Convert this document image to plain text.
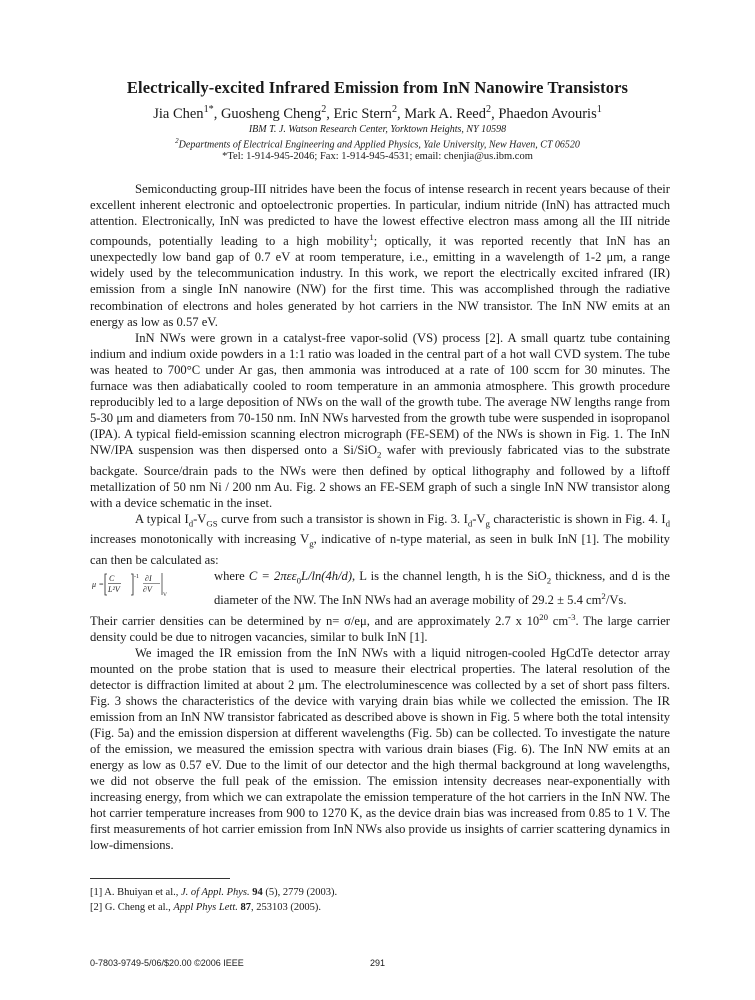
Electrically-excited Infrared Emission from InN Nanowire Transistors
Jia Chen$^{1*}$, Guosheng Cheng$^2$, Eric Stern$^2$, Mark A. Reed$^2$, Phaedon Avouris$^1$
IBM T. J. Watson Research Center, Yorktown Heights, NY 10598
$^2$Departments of Electrical Engineering and Applied Physics, Yale University, New Haven, CT 06520
*Tel: 1-914-945-2046; Fax: 1-914-945-4531; email: chenjia@us.ibm.com

Semiconducting group-III nitrides have been the focus of intense research in recent years because of their excellent inherent electronic and optoelectronic properties. In particular, indium nitride (InN) has attracted much attention. Electronically, InN was predicted to have the lowest effective electron mass among all the III nitride compounds, potentially leading to a high mobility$^1$; optically, it was reported recently that InN has an unexpectedly low band gap of 0.7 eV at room temperature, i.e., emitting in a wavelength of 1-2 μm, a range widely used by the telecommunication industry. In this work, we report the electrically excited infrared (IR) emission from a single InN nanowire (NW) for the first time. This was accomplished through the radiative recombination of electrons and holes generated by hot carriers in the NW transistor. The InN NW emits at an energy as low as 0.57 eV.

InN NWs were grown in a catalyst-free vapor-solid (VS) process [2]. A small quartz tube containing indium and indium oxide powders in a 1:1 ratio was loaded in the central part of a hot wall CVD system. The tube was heated to 700°C under Ar gas, then ammonia was introduced at a rate of 100 sccm for 30 minutes. The furnace was then adiabatically cooled to room temperature in an ammonia atmosphere. This growth procedure reproducibly led to a large deposition of NWs on the wall of the growth tube. The average NW lengths range from 5-30 μm and diameters from 70-150 nm. InN NWs harvested from the growth tube were suspended in isopropanol (IPA). A typical field-emission scanning electron micrograph (FE-SEM) of the NWs is shown in Fig. 1. The InN NW/IPA suspension was then dispersed onto a Si/SiO$_2$ wafer with previously fabricated vias to the substrate backgate. Source/drain pads to the NWs were then defined by optical lithography and followed by a liftoff metallization of 50 nm Ni / 200 nm Au. Fig. 2 shows an FE-SEM graph of such a single InN NW transistor along with a device schematic in the inset.

A typical $I_d-V_{GS}$ curve from such a transistor is shown in Fig. 3. $I_d-V_g$ characteristic is shown in Fig. 4. $I_d$ increases monotonically with increasing $V_g$, indicative of n-type material, as seen in bulk InN [1]. The mobility can then be calculated as:

μ =
C
L²V
-1 ∂I
∂V
V
where C = 2πεε$_0$L/ln(4h/d), L is the channel length, h is the SiO$_2$ thickness, and d is the diameter of the NW. The InN NWs had an average mobility of 29.2 ± 5.4 $cm^2/Vs$.
Their carrier densities can be determined by n= σ/eμ, and are approximately 2.7 x $10^{20}$ $cm^{-3}$. The large carrier density could be due to nitrogen vacancies, similar to bulk InN [1].

We imaged the IR emission from the InN NWs with a liquid nitrogen-cooled HgCdTe detector array mounted on the probe station that is used to measure their electrical properties. The lateral resolution of the detector is diffraction limited at about 2 μm. The electroluminescence was collected by a set of short pass filters. Fig. 3 shows the characteristics of the device with varying drain bias while we collected the emission. The IR emission from an InN NW transistor fabricated as described above is shown in Fig. 5 where both the total intensity (Fig. 5a) and the emission dispersion at different wavelengths (Fig. 5b) can be collected. To investigate the nature of the emission, we measured the emission spectra with various drain biases (Fig. 6). The InN NW emits at an energy as low as 0.57 eV. Due to the limit of our detector and the high thermal background at long wavelengths, we did not observe the full peak of the emission. The emission intensity decreases near-exponentially with increasing energy, from which we can extrapolate the emission temperature of the hot carriers in the InN NW. The hot carrier temperature increases from 900 to 1270 K, as the device drain bias was increased from 0.85 to 1 V. The first measurements of hot carrier emission from InN NWs also provide us insights of carrier scattering dynamics in low-dimensions.

[1] A. Bhuiyan et al., J. of Appl. Phys. 94 (5), 2779 (2003).
[2] G. Cheng et al., Appl Phys Lett. 87, 253103 (2005).
0-7803-9749-5/06/$20.00 ©2006 IEEE	291
